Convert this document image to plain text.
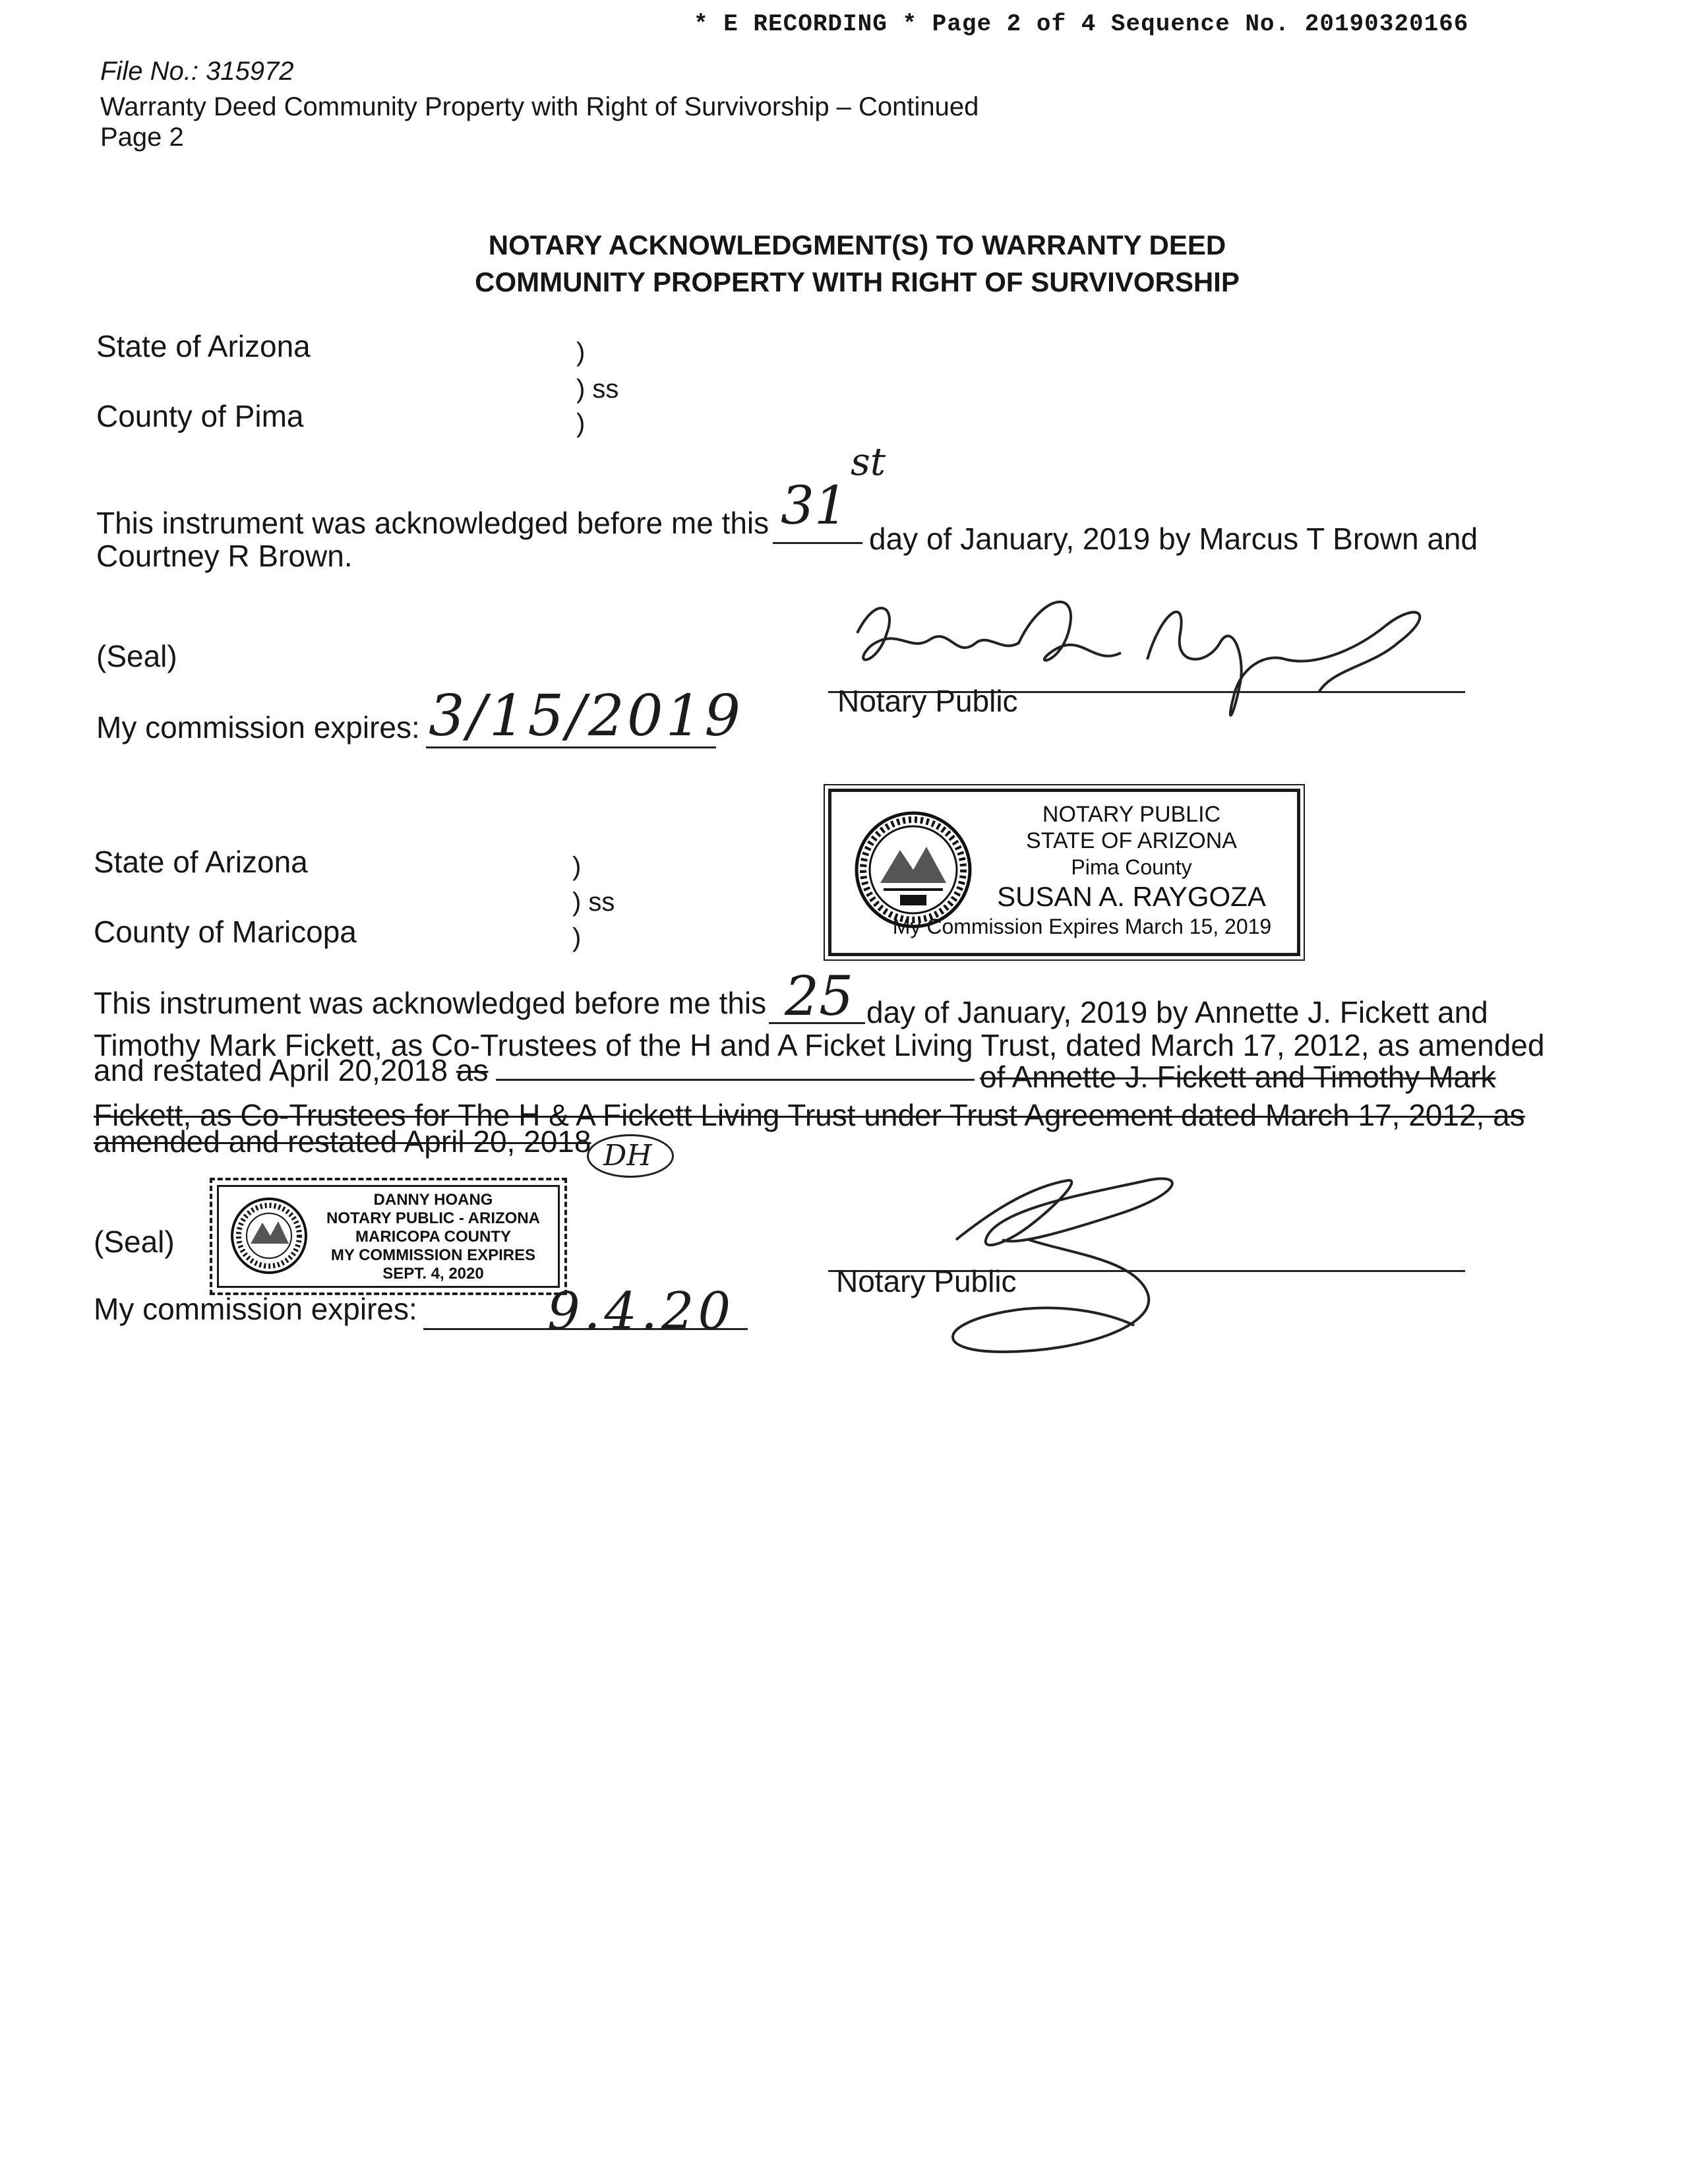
* E RECORDING * Page 2 of 4 Sequence No. 20190320166
File No.: 315972
Warranty Deed Community Property with Right of Survivorship – Continued
Page 2
NOTARY ACKNOWLEDGMENT(S) TO WARRANTY DEED
COMMUNITY PROPERTY WITH RIGHT OF SURVIVORSHIP
State of Arizona
County of Pima
)
) ss
)
This instrument was acknowledged before me this 31
st
day of January, 2019 by Marcus T Brown and
Courtney R Brown.
(Seal)
My commission expires: 3/15/2019	Notary Public
NOTARY PUBLIC
STATE OF ARIZONA
Pima County
SUSAN A. RAYGOZA
My Commission Expires March 15, 2019
State of Arizona
County of Maricopa
)
) ss
)
This instrument was acknowledged before me this 25 day of January, 2019 by Annette J. Fickett and
Timothy Mark Fickett, as Co-Trustees of the H and A Ficket Living Trust, dated March 17, 2012, as amended
and restated April 20,2018 as	of Annette J. Fickett and Timothy Mark
Fickett, as Co-Trustees for The H & A Fickett Living Trust under Trust Agreement dated March 17, 2012, as
amended and restated April 20, 2018 DH
DANNY HOANG
NOTARY PUBLIC - ARIZONA
MARICOPA COUNTY
MY COMMISSION EXPIRES
SEPT. 4, 2020
(Seal)
My commission expires:	9.4.20
Notary Public
